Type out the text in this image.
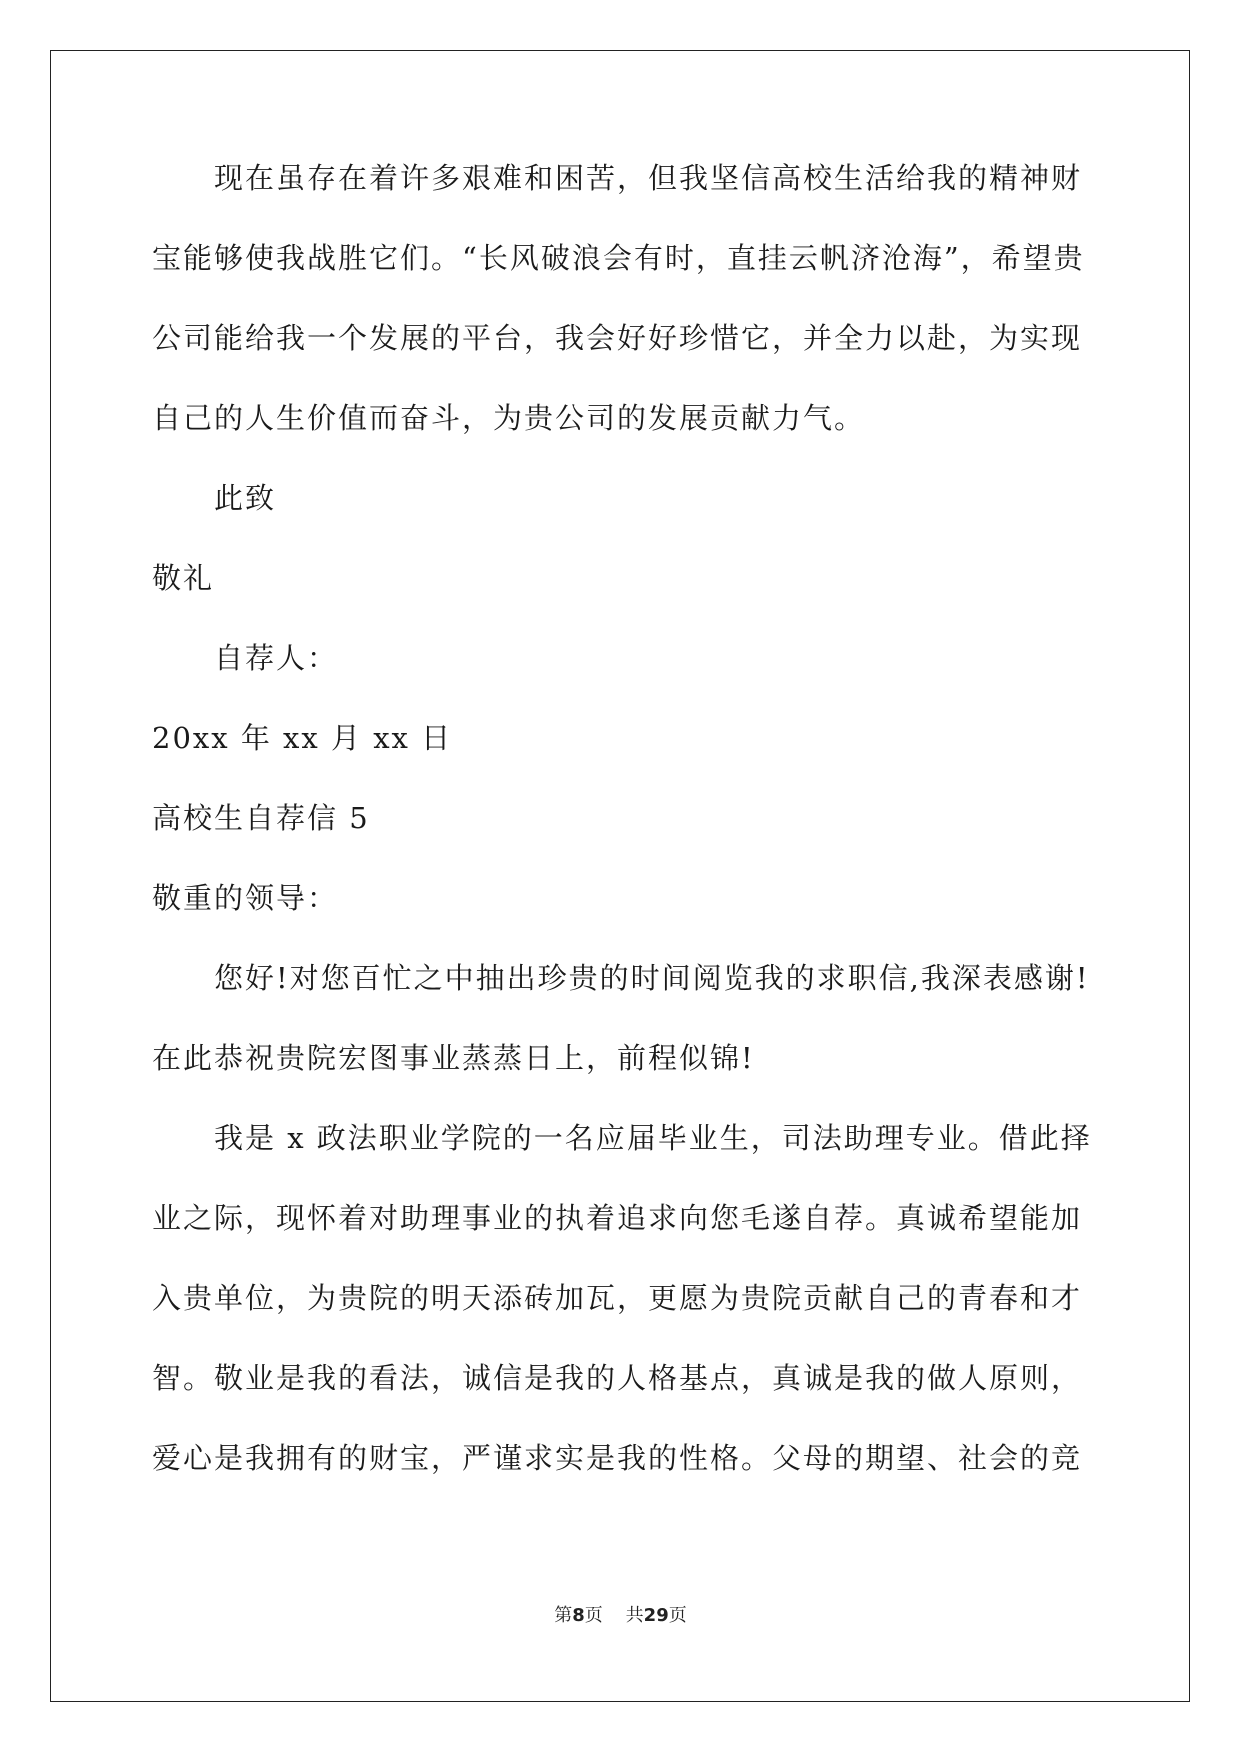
现在虽存在着许多艰难和困苦，但我坚信高校生活给我的精神财
宝能够使我战胜它们。“长风破浪会有时，直挂云帆济沧海”，希望贵
公司能给我一个发展的平台，我会好好珍惜它，并全力以赴，为实现
自己的人生价值而奋斗，为贵公司的发展贡献力气。
此致
敬礼
自荐人：
20xx 年 xx 月 xx 日
高校生自荐信 5
敬重的领导：
您好!对您百忙之中抽出珍贵的时间阅览我的求职信,我深表感谢!
在此恭祝贵院宏图事业蒸蒸日上，前程似锦!
我是 x 政法职业学院的一名应届毕业生，司法助理专业。借此择
业之际，现怀着对助理事业的执着追求向您毛遂自荐。真诚希望能加
入贵单位，为贵院的明天添砖加瓦，更愿为贵院贡献自己的青春和才
智。敬业是我的看法，诚信是我的人格基点，真诚是我的做人原则，
爱心是我拥有的财宝，严谨求实是我的性格。父母的期望、社会的竞
第8页 共29页
